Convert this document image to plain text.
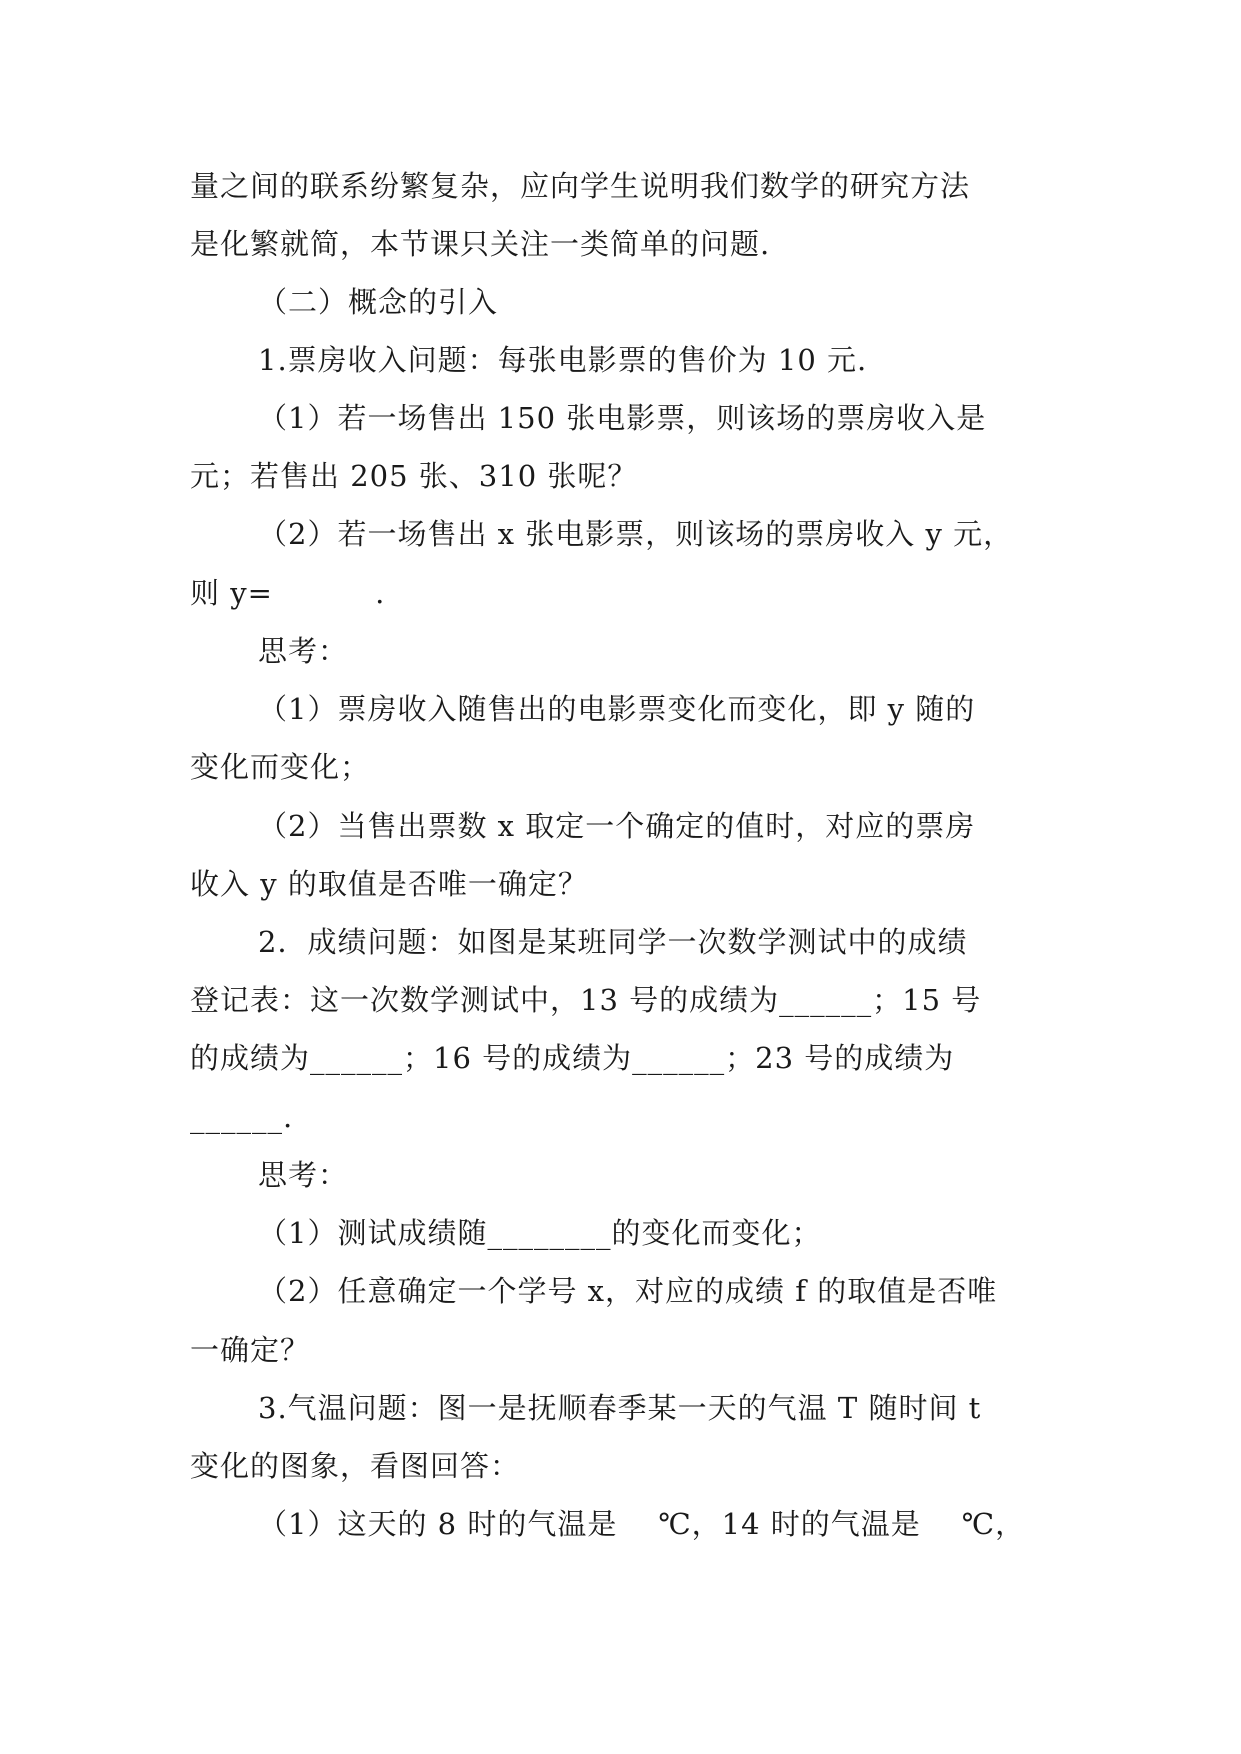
量之间的联系纷繁复杂，应向学生说明我们数学的研究方法
是化繁就简，本节课只关注一类简单的问题.
（二）概念的引入
1.票房收入问题：每张电影票的售价为 10 元.
（1）若一场售出 150 张电影票，则该场的票房收入是
元；若售出 205 张、310 张呢？
（2）若一场售出 x 张电影票，则该场的票房收入 y 元，
则 y=          .
思考：
（1）票房收入随售出的电影票变化而变化，即 y 随的
变化而变化；
（2）当售出票数 x 取定一个确定的值时，对应的票房
收入 y 的取值是否唯一确定？
2．成绩问题：如图是某班同学一次数学测试中的成绩
登记表：这一次数学测试中，13 号的成绩为______；15 号
的成绩为______；16 号的成绩为______；23 号的成绩为
______.
思考：
（1）测试成绩随________的变化而变化；
（2）任意确定一个学号 x，对应的成绩 f 的取值是否唯
一确定？
3.气温问题：图一是抚顺春季某一天的气温 T 随时间 t
变化的图象，看图回答：
（1）这天的 8 时的气温是    ℃，14 时的气温是    ℃，
